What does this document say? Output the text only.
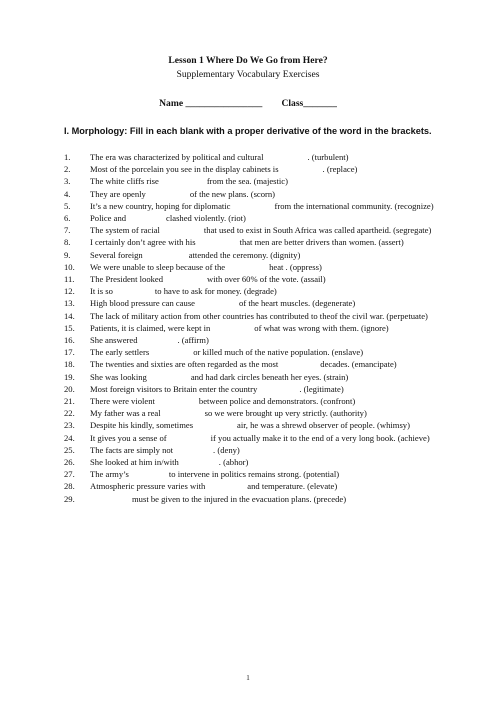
Lesson 1 Where Do We Go from Here?
Supplementary Vocabulary Exercises
Name ________________ Class_______
I. Morphology: Fill in each blank with a proper derivative of the word in the brackets.
1.	The era was characterized by political and cultural	. (turbulent)
2.	Most of the porcelain you see in the display cabinets is	. (replace)
3.	The white cliffs rise	from the sea. (majestic)
4.	They are openly	of the new plans. (scorn)
5.	It’s a new country, hoping for diplomatic	from the international community. (recognize)
6.	Police and	clashed violently. (riot)
7.	The system of racial	that used to exist in South Africa was called apartheid. (segregate)
8.	I certainly don’t agree with his	that men are better drivers than women. (assert)
9.	Several foreign	attended the ceremony. (dignity)
10.	We were unable to sleep because of the	heat . (oppress)
11.	The President looked	with over 60% of the vote. (assail)
12.	It is so	to have to ask for money. (degrade)
13.	High blood pressure can cause	of the heart muscles. (degenerate)
14.	The lack of military action from other countries has contributed to theof the civil war. (perpetuate)
15.	Patients, it is claimed, were kept in	of what was wrong with them. (ignore)
16.	She answered	. (affirm)
17.	The early settlers	or killed much of the native population. (enslave)
18.	The twenties and sixties are often regarded as the most	decades. (emancipate)
19.	She was looking	and had dark circles beneath her eyes. (strain)
20.	Most foreign visitors to Britain enter the country	. (legitimate)
21.	There were violent	between police and demonstrators. (confront)
22.	My father was a real	so we were brought up very strictly. (authority)
23.	Despite his kindly, sometimes	air, he was a shrewd observer of people. (whimsy)
24.	It gives you a sense of	if you actually make it to the end of a very long book. (achieve)
25.	The facts are simply not	. (deny)
26.	She looked at him in/with	. (abhor)
27.	The army’s	to intervene in politics remains strong. (potential)
28.	Atmospheric pressure varies with	and temperature. (elevate)
29.	must be given to the injured in the evacuation plans. (precede)
1
